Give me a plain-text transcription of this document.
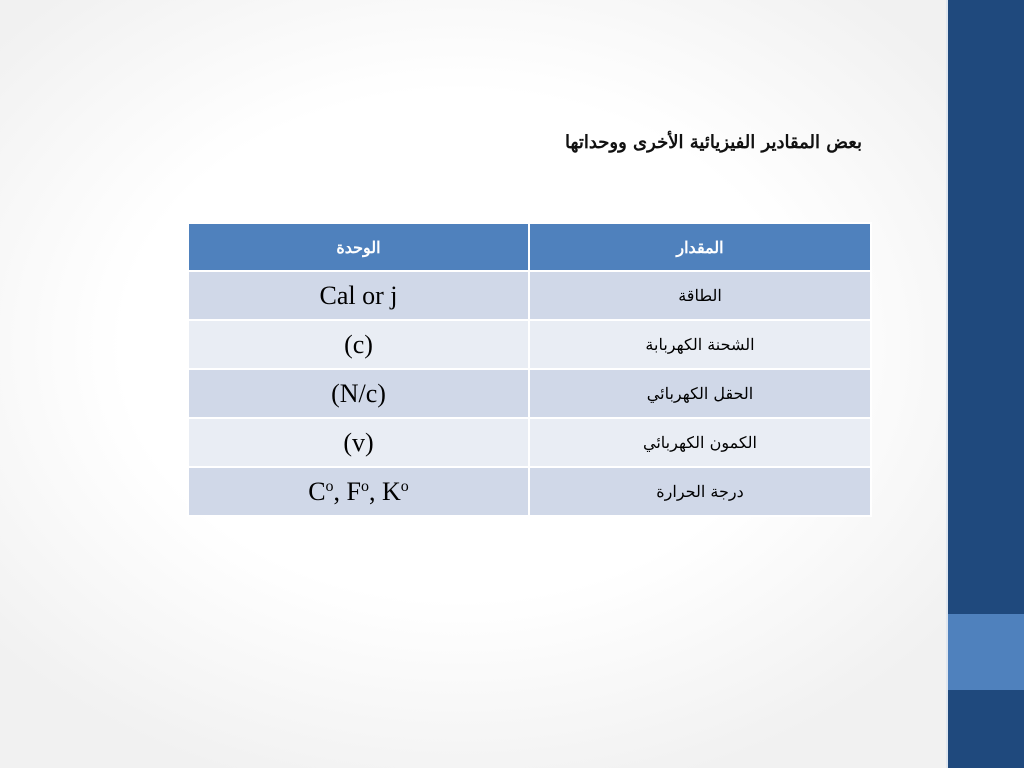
بعض المقادير الفيزيائية الأخرى ووحداتها
الوحدة	المقدار
Cal or j	الطاقة
(c)	الشحنة الكهربابة
(N/c)	الحقل الكهربائي
(v)	الكمون الكهربائي
$C^o$, $F^o$, $K^o$	درجة الحرارة
